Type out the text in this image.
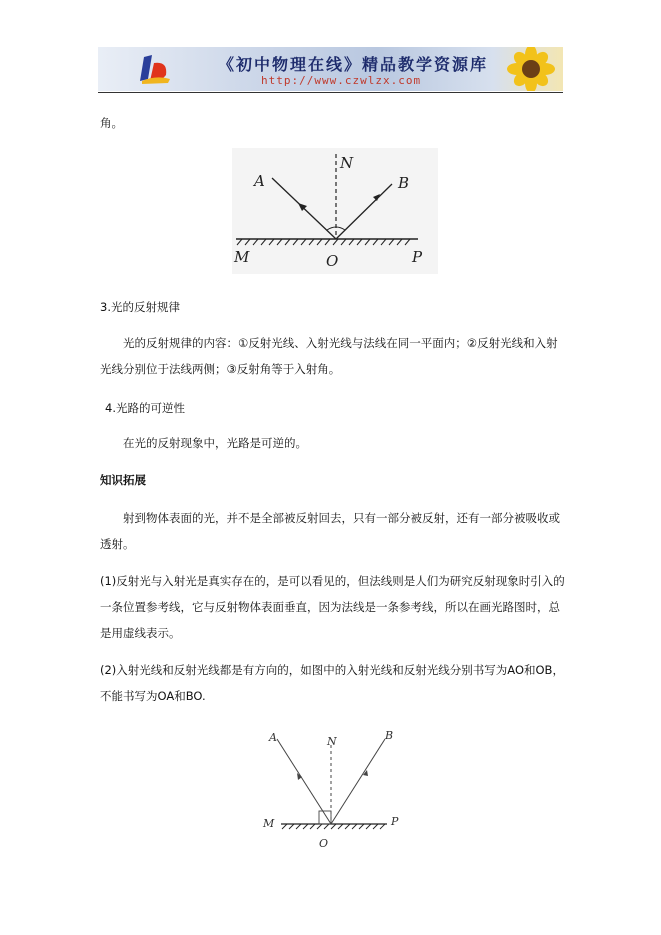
《初中物理在线》精品教学资源库
http://www.czwlzx.com
角。
A
N
B
M	O	P
3.光的反射规律
光的反射规律的内容：①反射光线、入射光线与法线在同一平面内；②反射光线和入射光线分别位于法线两侧；③反射角等于入射角。
4.光路的可逆性
在光的反射现象中，光路是可逆的。
知识拓展
射到物体表面的光，并不是全部被反射回去，只有一部分被反射，还有一部分被吸收或透射。
(1)反射光与入射光是真实存在的，是可以看见的，但法线则是人们为研究反射现象时引入的一条位置参考线，它与反射物体表面垂直，因为法线是一条参考线，所以在画光路图时，总是用虚线表示。
(2)入射光线和反射光线都是有方向的，如图中的入射光线和反射光线分别书写为AO和OB，不能书写为OA和BO.
A	N	B
M
O
P
